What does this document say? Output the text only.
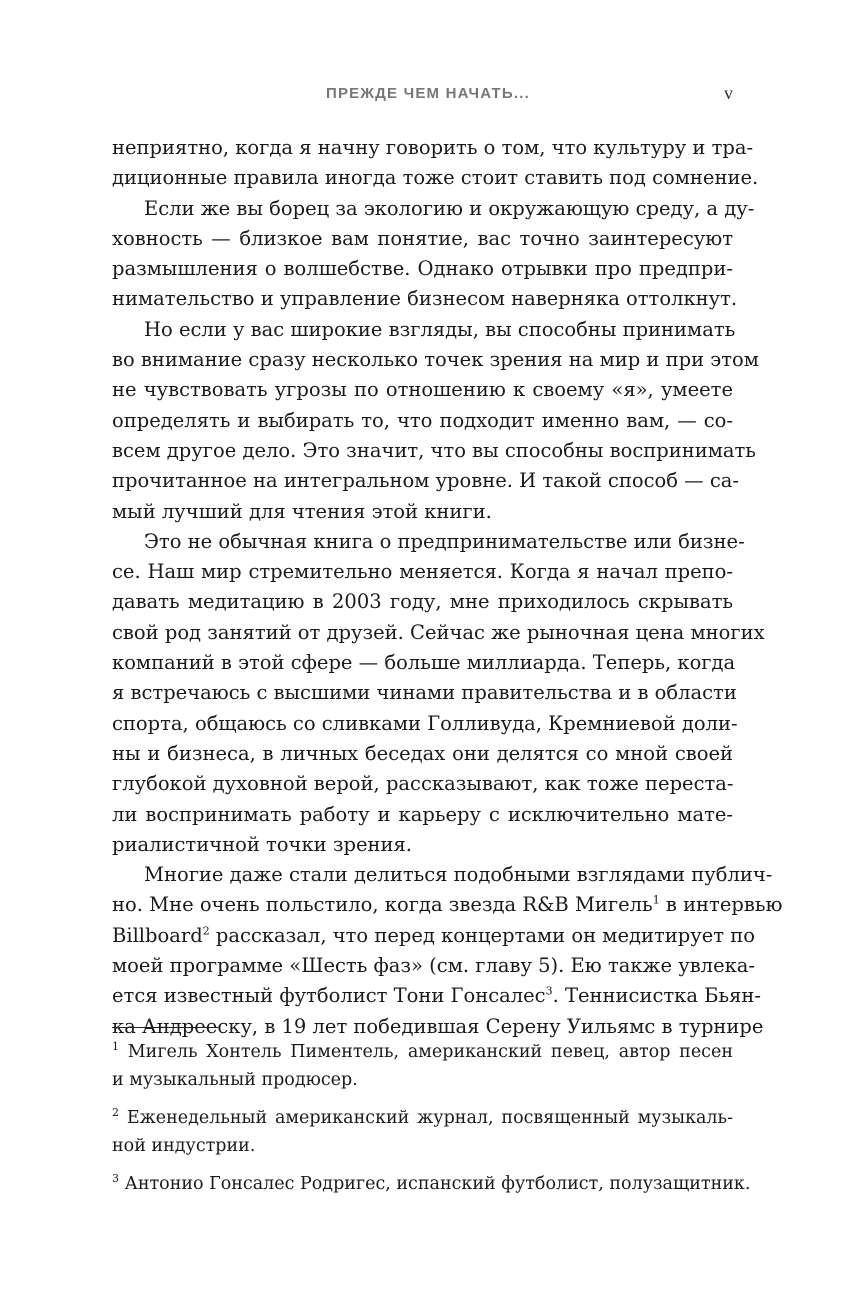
ПРЕЖДЕ ЧЕМ НАЧАТЬ...	v
неприятно, когда я начну говорить о том, что культуру и тра-
диционные правила иногда тоже стоит ставить под сомнение.
Если же вы борец за экологию и окружающую среду, а ду-
ховность — близкое вам понятие, вас точно заинтересуют
размышления о волшебстве. Однако отрывки про предпри-
нимательство и управление бизнесом наверняка оттолкнут.
Но если у вас широкие взгляды, вы способны принимать
во внимание сразу несколько точек зрения на мир и при этом
не чувствовать угрозы по отношению к своему «я», умеете
определять и выбирать то, что подходит именно вам, — со-
всем другое дело. Это значит, что вы способны воспринимать
прочитанное на интегральном уровне. И такой способ — са-
мый лучший для чтения этой книги.
Это не обычная книга о предпринимательстве или бизне-
се. Наш мир стремительно меняется. Когда я начал препо-
давать медитацию в 2003 году, мне приходилось скрывать
свой род занятий от друзей. Сейчас же рыночная цена многих
компаний в этой сфере — больше миллиарда. Теперь, когда
я встречаюсь с высшими чинами правительства и в области
спорта, общаюсь со сливками Голливуда, Кремниевой доли-
ны и бизнеса, в личных беседах они делятся со мной своей
глубокой духовной верой, рассказывают, как тоже переста-
ли воспринимать работу и карьеру с исключительно мате-
риалистичной точки зрения.
Многие даже стали делиться подобными взглядами публич-
но. Мне очень польстило, когда звезда R&B Мигель$^1$ в интервью
Billboard$^2$ рассказал, что перед концертами он медитирует по
моей программе «Шесть фаз» (см. главу 5). Ею также увлека-
ется известный футболист Тони Гонсалес$^3$. Теннисистка Бьян-
ка Андрееску, в 19 лет победившая Серену Уильямс в турнире
$^1$ Мигель Хонтель Пиментель, американский певец, автор песен
и музыкальный продюсер.
$^2$ Еженедельный американский журнал, посвященный музыкаль-
ной индустрии.
$^3$ Антонио Гонсалес Родригес, испанский футболист, полузащитник.
